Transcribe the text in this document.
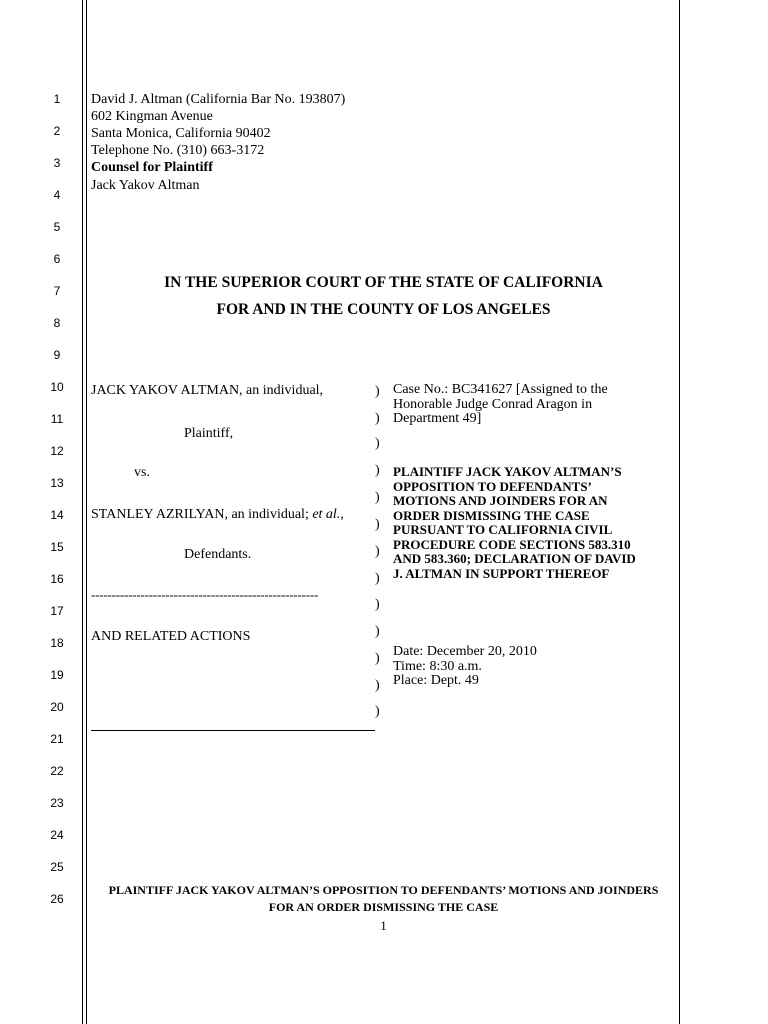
1
2
3
4
5
6
7
8
9
10
11
12
13
14
15
16
17
18
19
20
21
22
23
24
25
26
David J. Altman (California Bar No. 193807)
602 Kingman Avenue
Santa Monica, California 90402
Telephone No. (310) 663-3172
Counsel for Plaintiff
Jack Yakov Altman
IN THE SUPERIOR COURT OF THE STATE OF CALIFORNIA
FOR AND IN THE COUNTY OF LOS ANGELES
JACK YAKOV ALTMAN, an individual,
Plaintiff,
vs.
STANLEY AZRILYAN, an individual; et al.,
Defendants.
-------------------------------------------------------
AND RELATED ACTIONS
)
)
)
)
)
)
)
)
)
)
)
)
)
Case No.: BC341627 [Assigned to the
Honorable Judge Conrad Aragon in
Department 49]
PLAINTIFF JACK YAKOV ALTMAN’S
OPPOSITION TO DEFENDANTS’
MOTIONS AND JOINDERS FOR AN
ORDER DISMISSING THE CASE
PURSUANT TO CALIFORNIA CIVIL
PROCEDURE CODE SECTIONS 583.310
AND 583.360; DECLARATION OF DAVID
J. ALTMAN IN SUPPORT THEREOF
Date: December 20, 2010
Time: 8:30 a.m.
Place: Dept. 49
PLAINTIFF JACK YAKOV ALTMAN’S OPPOSITION TO DEFENDANTS’ MOTIONS AND JOINDERS
FOR AN ORDER DISMISSING THE CASE
1
